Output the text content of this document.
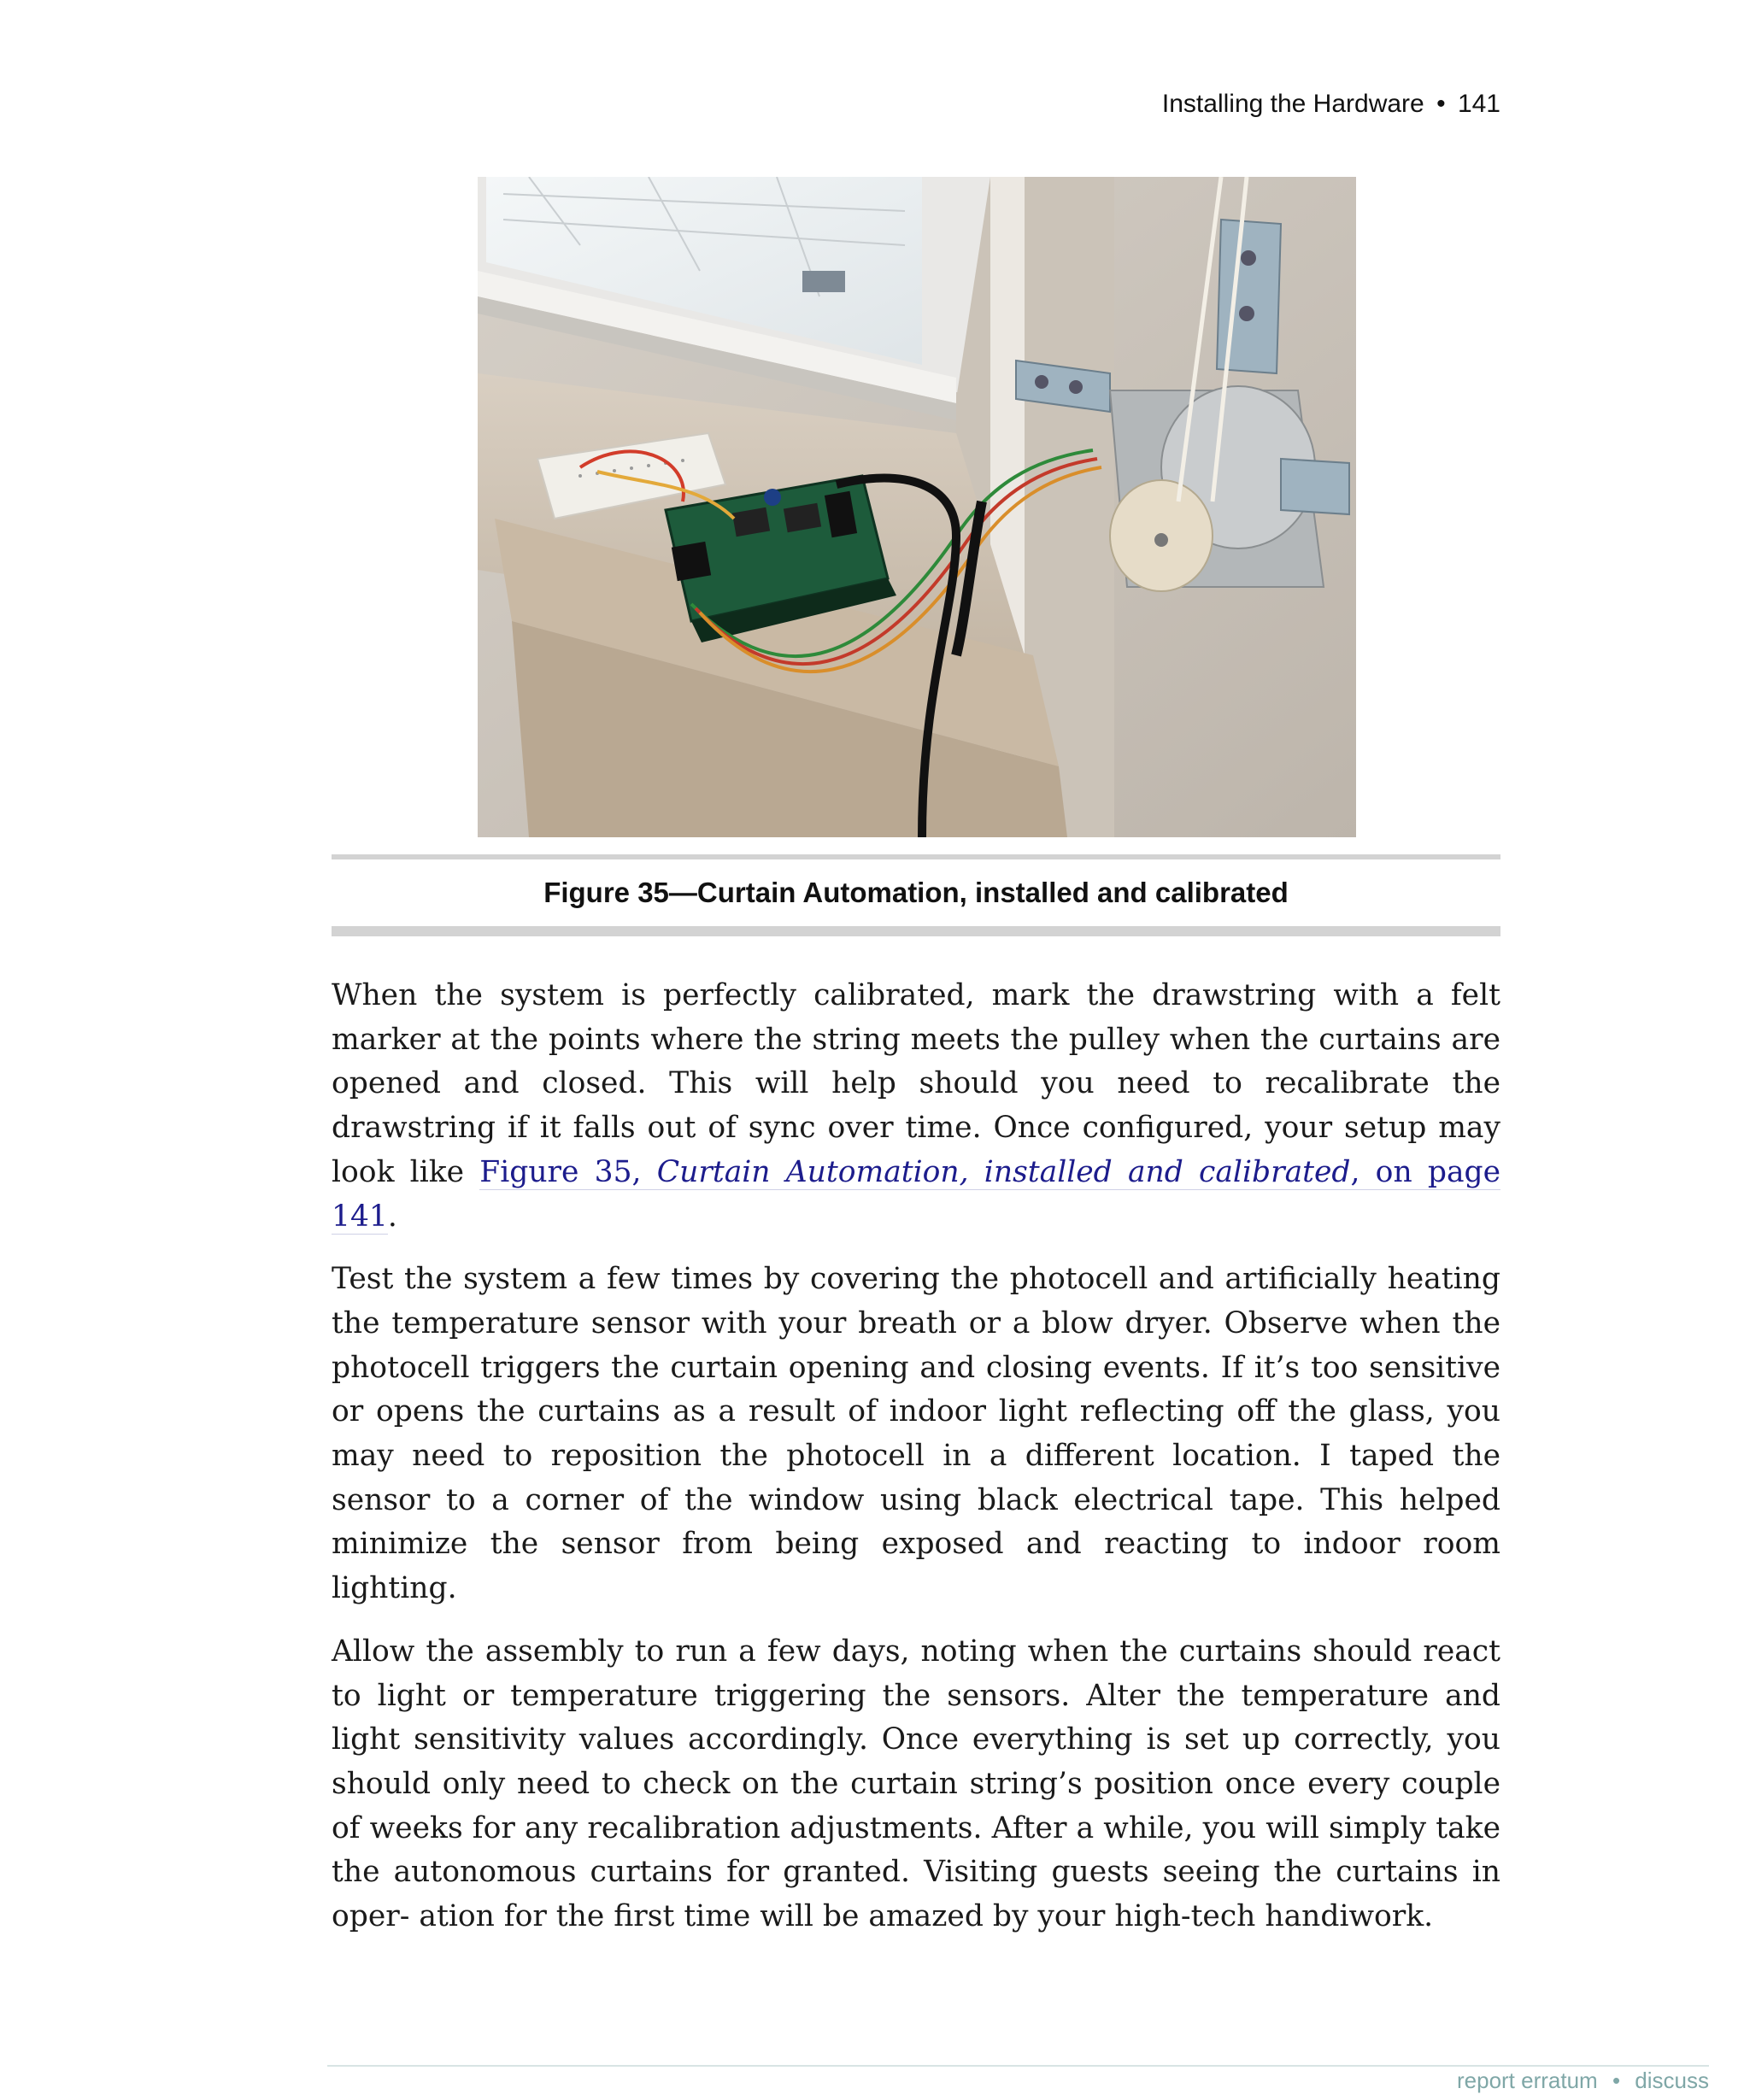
Installing the Hardware • 141
Figure 35—Curtain Automation, installed and calibrated

When the system is perfectly calibrated, mark the drawstring with a felt marker at the points where the string meets the pulley when the curtains are opened and closed. This will help should you need to recalibrate the drawstring if it falls out of sync over time. Once configured, your setup may look like Figure 35, Curtain Automation, installed and calibrated, on page 141.

Test the system a few times by covering the photocell and artificially heating the temperature sensor with your breath or a blow dryer. Observe when the photocell triggers the curtain opening and closing events. If it’s too sensitive or opens the curtains as a result of indoor light reflecting off the glass, you may need to reposition the photocell in a different location. I taped the sensor to a corner of the window using black electrical tape. This helped minimize the sensor from being exposed and reacting to indoor room lighting.

Allow the assembly to run a few days, noting when the curtains should react to light or temperature triggering the sensors. Alter the temperature and light sensitivity values accordingly. Once everything is set up correctly, you should only need to check on the curtain string’s position once every couple of weeks for any recalibration adjustments. After a while, you will simply take the autonomous curtains for granted. Visiting guests seeing the curtains in oper‐ ation for the first time will be amazed by your high-tech handiwork.

report erratum • discuss
